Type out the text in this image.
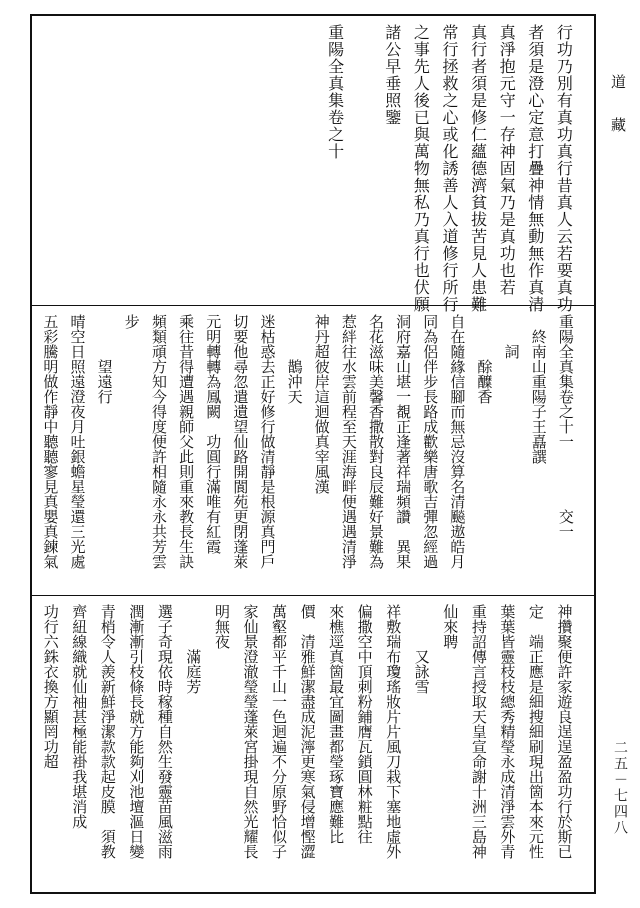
道藏
二五－七四八
行功乃別有真功真行昔真人云若要真功
者須是澄心定意打疊神情無動無作真清
真淨抱元守一存神固氣乃是真功也若
真行者須是修仁蘊德濟貧拔苦見人患難
常行拯救之心或化誘善人入道修行所行
之事先人後已與萬物無私乃真行也伏願
諸公早垂照鑒
重陽全真集卷之十
重陽全真集卷之十一　　　　交一
　終南山重陽子王嚞譔
　　詞
　　　酴醾香
自在隨緣信腳而無忌沒算名清飈遨皓月
同為侶伴步長路成歡樂唐歌吉彈忽經過
洞府嘉山堪一覩正逢著祥瑞頻讚　異果
名花滋味美馨香撒散對良辰難好景難為
惹絆往水雲前程至天涯海畔便遇遇清淨
神丹超彼岸這迴做真宰風漢
　　　鵲沖天
迷枯惑去正好修行做清靜是根源真門戶
切要他尋忽遣遺望仙路開閬苑更閉蓬萊
元明轉轉為鳳闕　功圓行滿唯有紅霞
乘往昔得遭遇親師父此則重來教長生訣
頻類頑方知今得度便許相隨永永共芳雲
步
　　　望遠行
晴空日照遠澄夜月吐銀蟾星瑩還三光處
五彩騰明做作靜中聽聽寥見真嬰真鍊氣
神攢聚便許家遊良逞逞盈盈功行於斯已
定　端正應是細搜細刷現出箇本來元性
葉葉皆靈枝枝總秀精瑩永成清淨雲外青
重持詔傳言授取天皇宣命謝十洲三島神
仙來聘
　　　又詠雪
祥敷瑞布瓊瑤妝片片風刀栽下塞地虛外
偏撒空中頂刺粉鋪膺瓦鎖圓林粧點往
來樵逕真箇最宜圖畫都瑩琢寶應難比
價　清雅鮮潔盡成泥濘更寒氣侵增慳澀
萬壑都平千山一色迴遍不分原野恰似子
家仙景澄澈瑩瑩蓬萊宮掛現自然光耀長
明無夜
　　　滿庭芳
選子奇現依時稼種自然生發靈苗風滋雨
潤漸漸引枝條長就方能夠刈池壇漚日變
青梢令人羨新鮮淨潔款款起皮膜　須教
齊紐線織就仙袖甚極能褂我堪消成
功行六銖衣換方顯罔功超
